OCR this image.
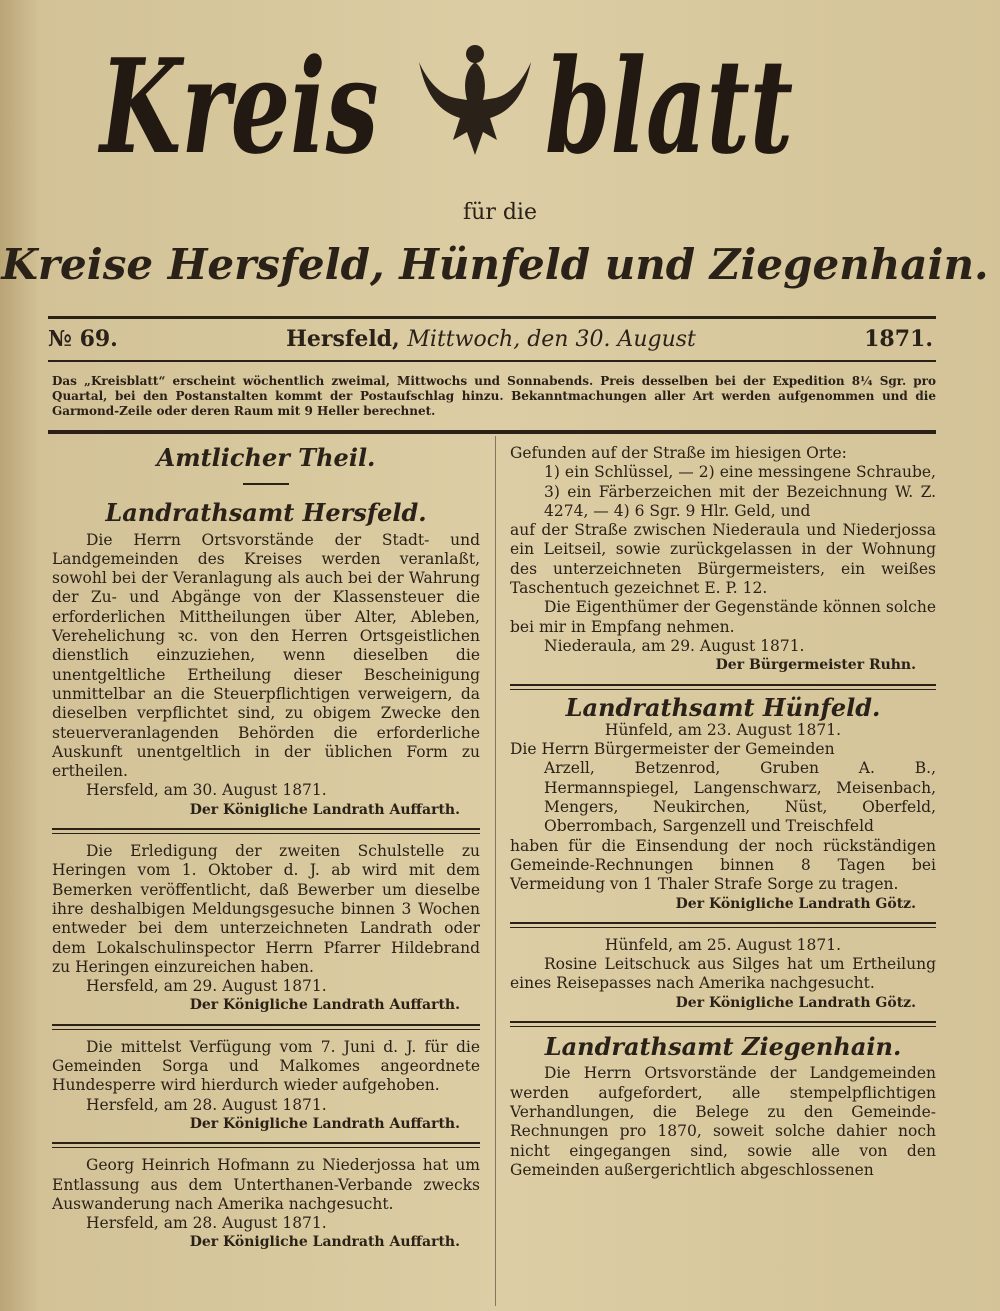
Kreis blatt
für die
Kreise Hersfeld, Hünfeld und Ziegenhain.
№ 69.	Hersfeld, Mittwoch, den 30. August	1871.
Das „Kreisblatt“ erscheint wöchentlich zweimal, Mittwochs und Sonnabends. Preis desselben bei der Expedition 8¼ Sgr. pro Quartal, bei den Postanstalten kommt der Postaufschlag hinzu. Bekanntmachungen aller Art werden aufgenommen und die Garmond-Zeile oder deren Raum mit 9 Heller berechnet.

Amtlicher Theil.

Landrathsamt Hersfeld.

Die Herrn Ortsvorstände der Stadt- und Landgemeinden des Kreises werden veranlaßt, sowohl bei der Veranlagung als auch bei der Wahrung der Zu- und Abgänge von der Klassensteuer die erforderlichen Mittheilungen über Alter, Ableben, Verehelichung ꝛc. von den Herren Ortsgeistlichen dienstlich einzuziehen, wenn dieselben die unentgeltliche Ertheilung dieser Bescheinigung unmittelbar an die Steuerpflichtigen verweigern, da dieselben verpflichtet sind, zu obigem Zwecke den steuerveranlagenden Behörden die erforderliche Auskunft unentgeltlich in der üblichen Form zu ertheilen.

Hersfeld, am 30. August 1871.

Der Königliche Landrath Auffarth.

Die Erledigung der zweiten Schulstelle zu Heringen vom 1. Oktober d. J. ab wird mit dem Bemerken veröffentlicht, daß Bewerber um dieselbe ihre deshalbigen Meldungsgesuche binnen 3 Wochen entweder bei dem unterzeichneten Landrath oder dem Lokalschulinspector Herrn Pfarrer Hildebrand zu Heringen einzureichen haben.

Hersfeld, am 29. August 1871.

Der Königliche Landrath Auffarth.

Die mittelst Verfügung vom 7. Juni d. J. für die Gemeinden Sorga und Malkomes angeordnete Hundesperre wird hierdurch wieder aufgehoben.

Hersfeld, am 28. August 1871.

Der Königliche Landrath Auffarth.

Georg Heinrich Hofmann zu Niederjossa hat um Entlassung aus dem Unterthanen-Verbande zwecks Auswanderung nach Amerika nachgesucht.

Hersfeld, am 28. August 1871.

Der Königliche Landrath Auffarth.

Gefunden auf der Straße im hiesigen Orte:

1) ein Schlüssel, — 2) eine messingene Schraube, 3) ein Färberzeichen mit der Bezeichnung W. Z. 4274, — 4) 6 Sgr. 9 Hlr. Geld, und

auf der Straße zwischen Niederaula und Niederjossa ein Leitseil, sowie zurückgelassen in der Wohnung des unterzeichneten Bürgermeisters, ein weißes Taschentuch gezeichnet E. P. 12.

Die Eigenthümer der Gegenstände können solche bei mir in Empfang nehmen.

Niederaula, am 29. August 1871.

Der Bürgermeister Ruhn.

Landrathsamt Hünfeld.

Hünfeld, am 23. August 1871.

Die Herrn Bürgermeister der Gemeinden

Arzell, Betzenrod, Gruben A. B., Hermannspiegel, Langenschwarz, Meisenbach, Mengers, Neukirchen, Nüst, Oberfeld, Oberrombach, Sargenzell und Treischfeld

haben für die Einsendung der noch rückständigen Gemeinde-Rechnungen binnen 8 Tagen bei Vermeidung von 1 Thaler Strafe Sorge zu tragen.

Der Königliche Landrath Götz.

Hünfeld, am 25. August 1871.

Rosine Leitschuck aus Silges hat um Ertheilung eines Reisepasses nach Amerika nachgesucht.

Der Königliche Landrath Götz.

Landrathsamt Ziegenhain.

Die Herrn Ortsvorstände der Landgemeinden werden aufgefordert, alle stempelpflichtigen Verhandlungen, die Belege zu den Gemeinde-Rechnungen pro 1870, soweit solche dahier noch nicht eingegangen sind, sowie alle von den Gemeinden außergerichtlich abgeschlossenen
